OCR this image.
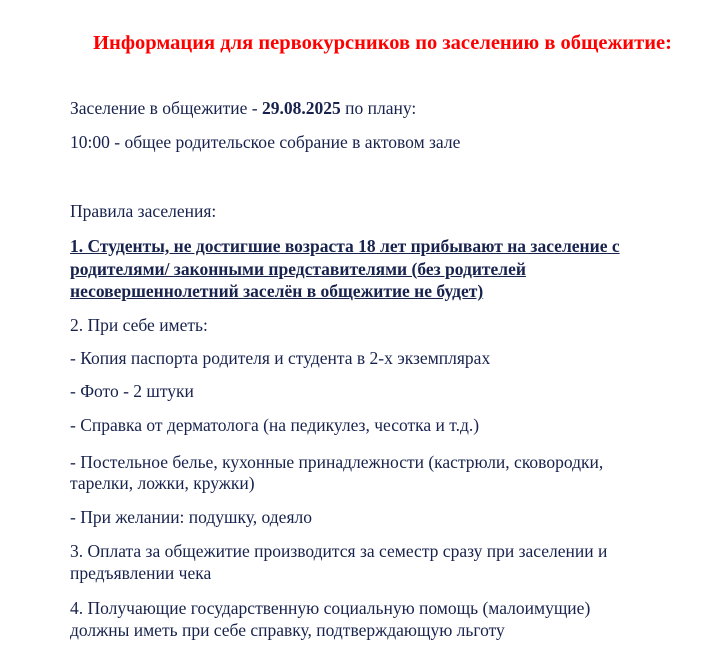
Информация для первокурсников по заселению в общежитие:
Заселение в общежитие - 29.08.2025 по плану:
10:00 - общее родительское собрание в актовом зале
Правила заселения:
1. Студенты, не достигшие возраста 18 лет прибывают на заселение с
родителями/ законными представителями (без родителей
несовершеннолетний заселён в общежитие не будет)
2. При себе иметь:
- Копия паспорта родителя и студента в 2-х экземплярах
- Фото - 2 штуки
- Справка от дерматолога (на педикулез, чесотка и т.д.)
- Постельное белье, кухонные принадлежности (кастрюли, сковородки,
тарелки, ложки, кружки)
- При желании: подушку, одеяло
3. Оплата за общежитие производится за семестр сразу при заселении и
предъявлении чека
4. Получающие государственную социальную помощь (малоимущие)
должны иметь при себе справку, подтверждающую льготу
